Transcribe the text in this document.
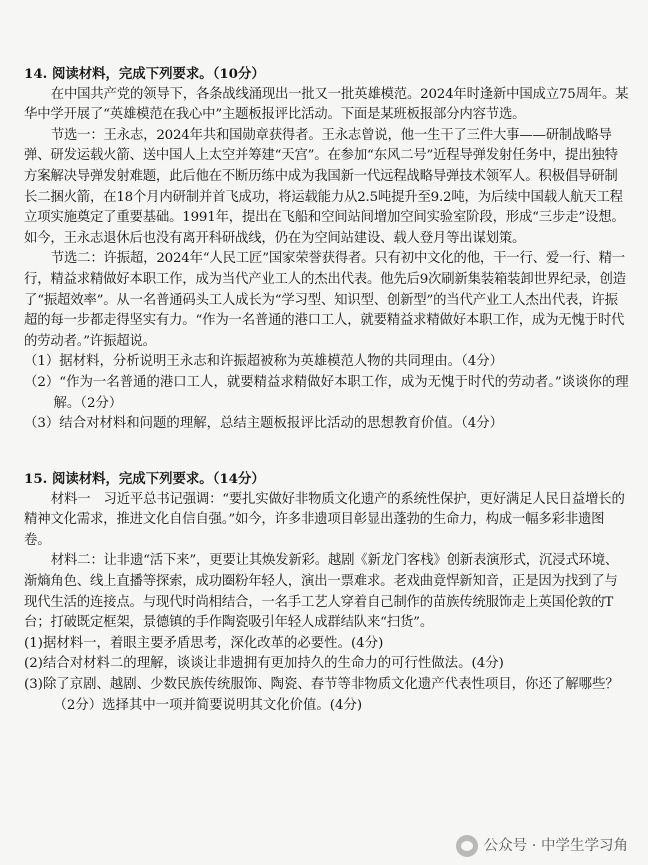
14. 阅读材料，完成下列要求。（10分）

在中国共产党的领导下，各条战线涌现出一批又一批英雄模范。2024年时逢新中国成立75周年。某华中学开展了“英雄模范在我心中”主题板报评比活动。下面是某班板报部分内容节选。

节选一：王永志，2024年共和国勋章获得者。王永志曾说，他一生干了三件大事——研制战略导弹、研发运载火箭、送中国人上太空并筹建“天宫”。在参加“东风二号”近程导弹发射任务中，提出独特方案解决导弹发射难题，此后他在不断历练中成为我国新一代远程战略导弹技术领军人。积极倡导研制长二捆火箭，在18个月内研制并首飞成功，将运载能力从2.5吨提升至9.2吨，为后续中国载人航天工程立项实施奠定了重要基础。1991年，提出在飞船和空间站间增加空间实验室阶段，形成“三步走”设想。如今，王永志退休后也没有离开科研战线，仍在为空间站建设、载人登月等出谋划策。

节选二：许振超，2024年“人民工匠”国家荣誉获得者。只有初中文化的他，干一行、爱一行、精一行，精益求精做好本职工作，成为当代产业工人的杰出代表。他先后9次刷新集装箱装卸世界纪录，创造了“振超效率”。从一名普通码头工人成长为“学习型、知识型、创新型”的当代产业工人杰出代表，许振超的每一步都走得坚实有力。“作为一名普通的港口工人，就要精益求精做好本职工作，成为无愧于时代的劳动者。”许振超说。

（1）据材料，分析说明王永志和许振超被称为英雄模范人物的共同理由。（4分）

（2）“作为一名普通的港口工人，就要精益求精做好本职工作，成为无愧于时代的劳动者。”谈谈你的理解。（2分）

（3）结合对材料和问题的理解，总结主题板报评比活动的思想教育价值。（4分）

15. 阅读材料，完成下列要求。（14分）

材料一　习近平总书记强调：“要扎实做好非物质文化遗产的系统性保护，更好满足人民日益增长的精神文化需求，推进文化自信自强。”如今，许多非遗项目彰显出蓬勃的生命力，构成一幅多彩非遗图卷。

材料二：让非遗“活下来”，更要让其焕发新彩。越剧《新龙门客栈》创新表演形式，沉浸式环境、渐熵角色、线上直播等探索，成功圈粉年轻人，演出一票难求。老戏曲竟悍新知音，正是因为找到了与现代生活的连接点。与现代时尚相结合，一名手工艺人穿着自己制作的苗族传统服饰走上英国伦敦的T台；打破既定框架，景德镇的手作陶瓷吸引年轻人成群结队来“扫货”。

(1)据材料一，着眼主要矛盾思考，深化改革的必要性。(4分)

(2)结合对材料二的理解，谈谈让非遗拥有更加持久的生命力的可行性做法。(4分)

(3)除了京剧、越剧、少数民族传统服饰、陶瓷、春节等非物质文化遗产代表性项目，你还了解哪些？（2分）选择其中一项并简要说明其文化价值。(4分)

公众号 · 中学生学习角
